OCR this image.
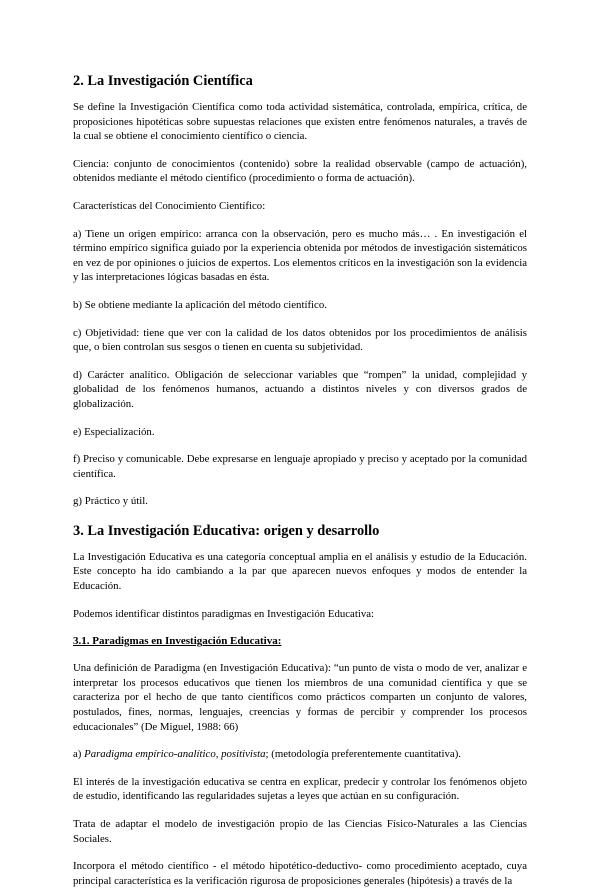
2. La Investigación Científica

Se define la Investigación Científica como toda actividad sistemática, controlada, empírica, crítica, de proposiciones hipotéticas sobre supuestas relaciones que existen entre fenómenos naturales, a través de la cual se obtiene el conocimiento científico o ciencia.

Ciencia: conjunto de conocimientos (contenido) sobre la realidad observable (campo de actuación), obtenidos mediante el método científico (procedimiento o forma de actuación).

Características del Conocimiento Científico:

a) Tiene un origen empírico: arranca con la observación, pero es mucho más… . En investigación el término empírico significa guiado por la experiencia obtenida por métodos de investigación sistemáticos en vez de por opiniones o juicios de expertos. Los elementos críticos en la investigación son la evidencia y las interpretaciones lógicas basadas en ésta.

b) Se obtiene mediante la aplicación del método científico.

c) Objetividad: tiene que ver con la calidad de los datos obtenidos por los procedimientos de análisis que, o bien controlan sus sesgos o tienen en cuenta su subjetividad.

d) Carácter analítico. Obligación de seleccionar variables que “rompen” la unidad, complejidad y globalidad de los fenómenos humanos, actuando a distintos niveles y con diversos grados de globalización.

e) Especialización.

f) Preciso y comunicable. Debe expresarse en lenguaje apropiado y preciso y aceptado por la comunidad científica.

g) Práctico y útil.

3. La Investigación Educativa: origen y desarrollo

La Investigación Educativa es una categoría conceptual amplia en el análisis y estudio de la Educación. Este concepto ha ido cambiando a la par que aparecen nuevos enfoques y modos de entender la Educación.

Podemos identificar distintos paradigmas en Investigación Educativa:

3.1. Paradigmas en Investigación Educativa:

Una definición de Paradigma (en Investigación Educativa): “un punto de vista o modo de ver, analizar e interpretar los procesos educativos que tienen los miembros de una comunidad científica y que se caracteriza por el hecho de que tanto científicos como prácticos comparten un conjunto de valores, postulados, fines, normas, lenguajes, creencias y formas de percibir y comprender los procesos educacionales” (De Miguel, 1988: 66)

a) Paradigma empírico-analítico, positivista; (metodología preferentemente cuantitativa).

El interés de la investigación educativa se centra en explicar, predecir y controlar los fenómenos objeto de estudio, identificando las regularidades sujetas a leyes que actúan en su configuración.

Trata de adaptar el modelo de investigación propio de las Ciencias Físico-Naturales a las Ciencias Sociales.

Incorpora el método científico - el método hipotético-deductivo- como procedimiento aceptado, cuya principal característica es la verificación rigurosa de proposiciones generales (hipótesis) a través de la
